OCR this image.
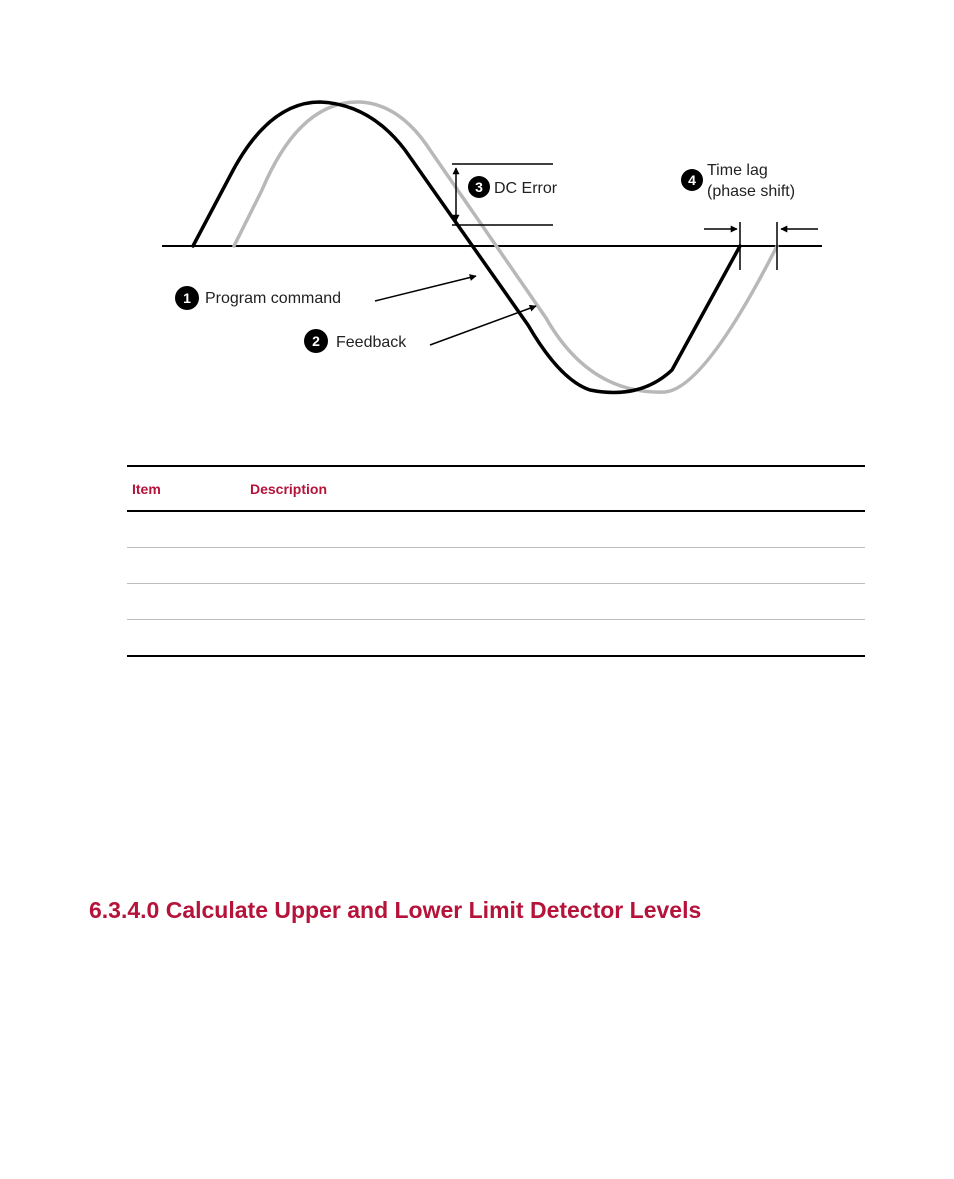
3 DC Error	4
Time lag
(phase shift)
1 Program command
2 Feedback
Item	Description

6.3.4.0 Calculate Upper and Lower Limit Detector Levels
